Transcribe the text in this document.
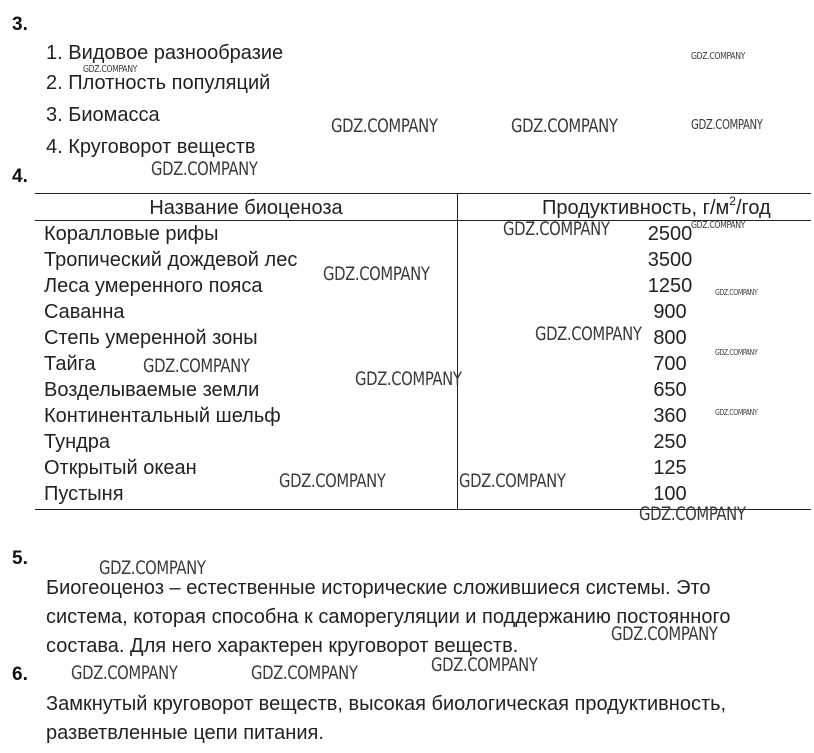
3.
1. Видовое разнообразие
2. Плотность популяций
3. Биомасса
4. Круговорот веществ
4.
Название биоценоза	Продуктивность, $г/м^2$/год
Коралловые рифы	2500
Тропический дождевой лес	3500
Леса умеренного пояса	1250
Саванна	900
Степь умеренной зоны	800
Тайга	700
Возделываемые земли	650
Континентальный шельф	360
Тундра	250
Открытый океан	125
Пустыня	100
5.
Биогеоценоз – естественные исторические сложившиеся системы. Это
система, которая способна к саморегуляции и поддержанию постоянного
состава. Для него характерен круговорот веществ.
6.
Замкнутый круговорот веществ, высокая биологическая продуктивность,
разветвленные цепи питания.
GDZ.COMPANY
GDZ.COMPANY
GDZ.COMPANY	GDZ.COMPANY	GDZ.COMPANY
GDZ.COMPANY
GDZ.COMPANY	GDZ.COMPANY
GDZ.COMPANY
GDZ.COMPANY
GDZ.COMPANY
GDZ.COMPANY
GDZ.COMPANY
GDZ.COMPANY
GDZ.COMPANY
GDZ.COMPANY	GDZ.COMPANY
GDZ.COMPANY
GDZ.COMPANY
GDZ.COMPANY
GDZ.COMPANY
GDZ.COMPANY	GDZ.COMPANY
